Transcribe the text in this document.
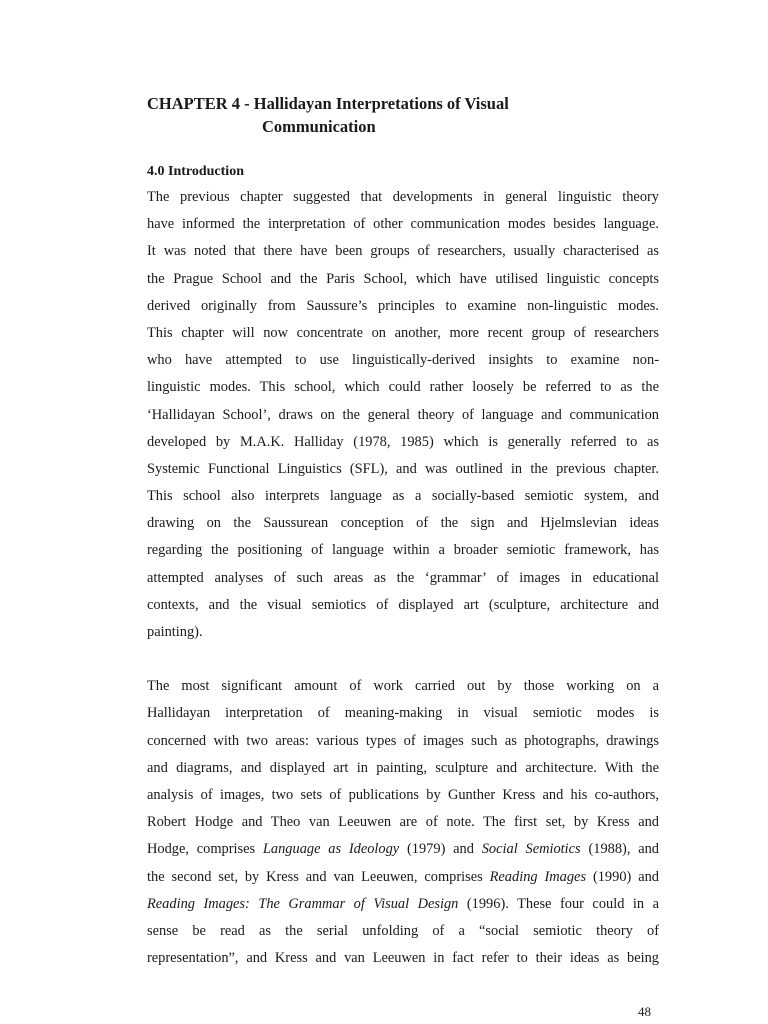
CHAPTER 4 - Hallidayan Interpretations of Visual
Communication
4.0 Introduction

The previous chapter suggested that developments in general linguistic theory
have informed the interpretation of other communication modes besides language.
It was noted that there have been groups of researchers, usually characterised as
the Prague School and the Paris School, which have utilised linguistic concepts
derived originally from Saussure’s principles to examine non-linguistic modes.
This chapter will now concentrate on another, more recent group of researchers
who have attempted to use linguistically-derived insights to examine non-
linguistic modes. This school, which could rather loosely be referred to as the
‘Hallidayan School’, draws on the general theory of language and communication
developed by M.A.K. Halliday (1978, 1985) which is generally referred to as
Systemic Functional Linguistics (SFL), and was outlined in the previous chapter.
This school also interprets language as a socially-based semiotic system, and
drawing on the Saussurean conception of the sign and Hjelmslevian ideas
regarding the positioning of language within a broader semiotic framework, has
attempted analyses of such areas as the ‘grammar’ of images in educational
contexts, and the visual semiotics of displayed art (sculpture, architecture and
painting).

The most significant amount of work carried out by those working on a
Hallidayan interpretation of meaning-making in visual semiotic modes is
concerned with two areas: various types of images such as photographs, drawings
and diagrams, and displayed art in painting, sculpture and architecture. With the
analysis of images, two sets of publications by Gunther Kress and his co-authors,
Robert Hodge and Theo van Leeuwen are of note. The first set, by Kress and
Hodge, comprises Language as Ideology (1979) and Social Semiotics (1988), and
the second set, by Kress and van Leeuwen, comprises Reading Images (1990) and
Reading Images: The Grammar of Visual Design (1996). These four could in a
sense be read as the serial unfolding of a “social semiotic theory of
representation”, and Kress and van Leeuwen in fact refer to their ideas as being

48
